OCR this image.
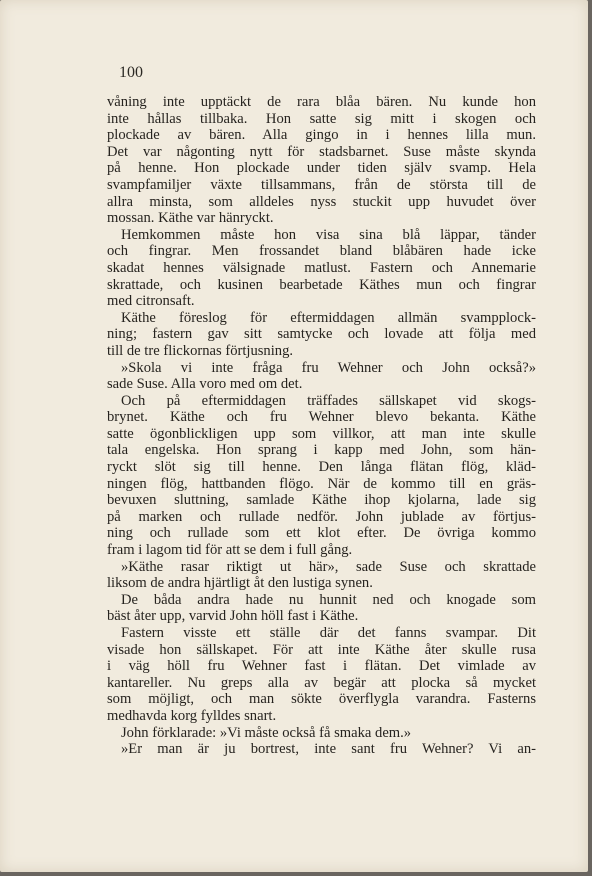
100
våning inte upptäckt de rara blåa bären. Nu kunde hon
inte hållas tillbaka. Hon satte sig mitt i skogen och
plockade av bären. Alla gingo in i hennes lilla mun.
Det var någonting nytt för stadsbarnet. Suse måste skynda
på henne. Hon plockade under tiden själv svamp. Hela
svampfamiljer växte tillsammans, från de största till de
allra minsta, som alldeles nyss stuckit upp huvudet över
mossan. Käthe var hänryckt.
Hemkommen måste hon visa sina blå läppar, tänder
och fingrar. Men frossandet bland blåbären hade icke
skadat hennes välsignade matlust. Fastern och Annemarie
skrattade, och kusinen bearbetade Käthes mun och fingrar
med citronsaft.
Käthe föreslog för eftermiddagen allmän svampplock-
ning; fastern gav sitt samtycke och lovade att följa med
till de tre flickornas förtjusning.
»Skola vi inte fråga fru Wehner och John också?»
sade Suse. Alla voro med om det.
Och på eftermiddagen träffades sällskapet vid skogs-
brynet. Käthe och fru Wehner blevo bekanta. Käthe
satte ögonblickligen upp som villkor, att man inte skulle
tala engelska. Hon sprang i kapp med John, som hän-
ryckt slöt sig till henne. Den långa flätan flög, kläd-
ningen flög, hattbanden flögo. När de kommo till en gräs-
bevuxen sluttning, samlade Käthe ihop kjolarna, lade sig
på marken och rullade nedför. John jublade av förtjus-
ning och rullade som ett klot efter. De övriga kommo
fram i lagom tid för att se dem i full gång.
»Käthe rasar riktigt ut här», sade Suse och skrattade
liksom de andra hjärtligt åt den lustiga synen.
De båda andra hade nu hunnit ned och knogade som
bäst åter upp, varvid John höll fast i Käthe.
Fastern visste ett ställe där det fanns svampar. Dit
visade hon sällskapet. För att inte Käthe åter skulle rusa
i väg höll fru Wehner fast i flätan. Det vimlade av
kantareller. Nu greps alla av begär att plocka så mycket
som möjligt, och man sökte överflygla varandra. Fasterns
medhavda korg fylldes snart.
John förklarade: »Vi måste också få smaka dem.»
»Er man är ju bortrest, inte sant fru Wehner? Vi an-
